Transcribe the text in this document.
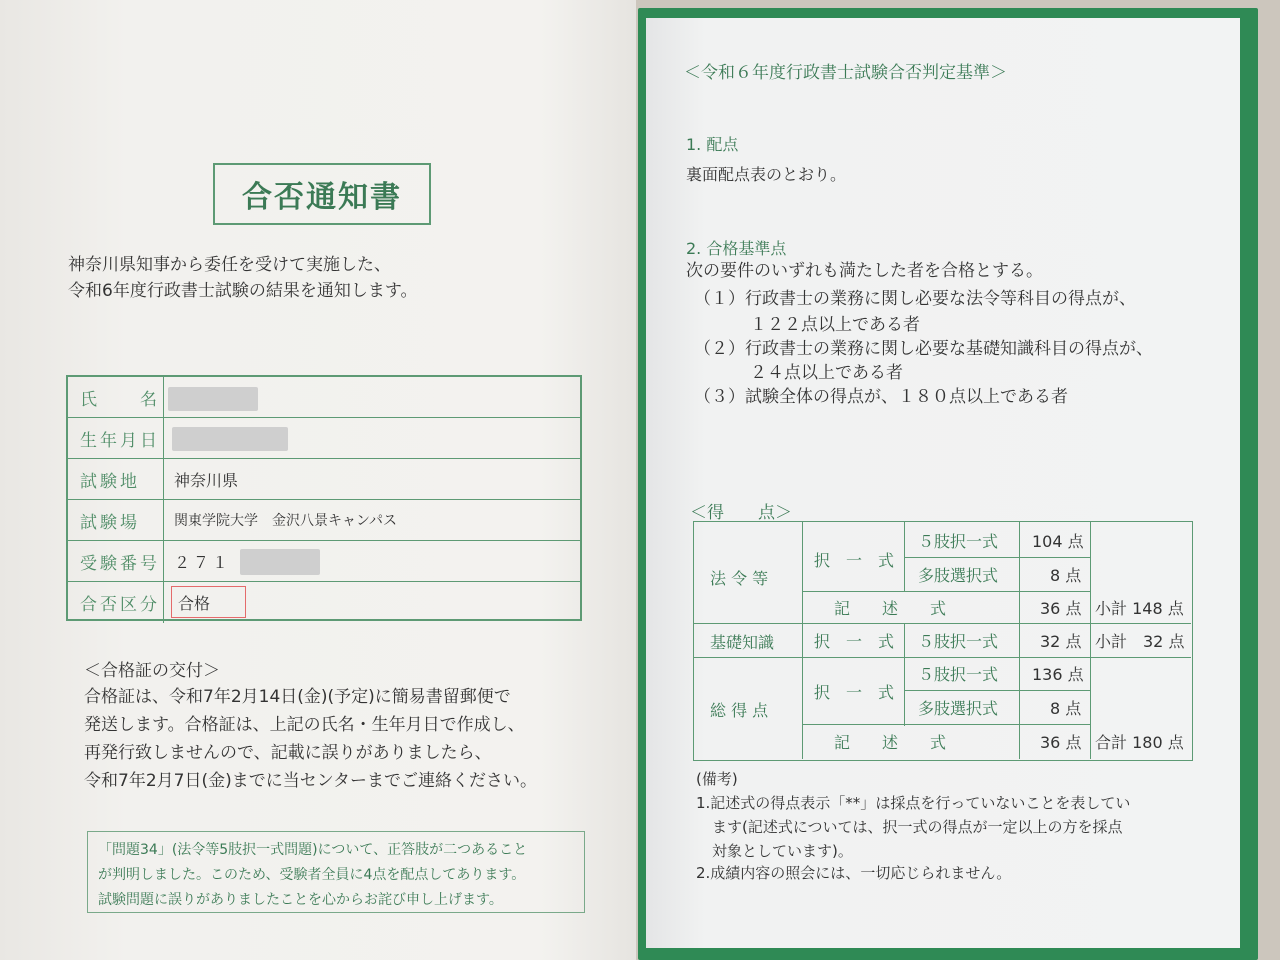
合否通知書
神奈川県知事から委任を受けて実施した、
令和6年度行政書士試験の結果を通知します。
氏　　名
生年月日
試験地	神奈川県
試験場	関東学院大学　金沢八景キャンパス
受験番号 ２７１
合否区分 合格
＜合格証の交付＞
合格証は、令和7年2月14日(金)(予定)に簡易書留郵便で
発送します。合格証は、上記の氏名・生年月日で作成し、
再発行致しませんので、記載に誤りがありましたら、
令和7年2月7日(金)までに当センターまでご連絡ください。
「問題34」(法令等5肢択一式問題)について、正答肢が二つあること
が判明しました。このため、受験者全員に4点を配点してあります。
試験問題に誤りがありましたことを心からお詫び申し上げます。
＜令和６年度行政書士試験合否判定基準＞
1. 配点
裏面配点表のとおり。
2. 合格基準点
次の要件のいずれも満たした者を合格とする。
（１）行政書士の業務に関し必要な法令等科目の得点が、
１２２点以上である者
（２）行政書士の業務に関し必要な基礎知識科目の得点が、
２４点以上である者
（３）試験全体の得点が、１８０点以上である者
＜得　　点＞
法 令 等
基礎知識
総 得 点
択　一　式
記　　述　　式
択　一　式
択　一　式
記　　述　　式
５肢択一式
多肢選択式
５肢択一式
５肢択一式
多肢選択式
104 点
8 点
36 点 小計 148 点
32 点 小計　32 点
136 点
8 点
36 点 合計 180 点
(備考)
1.記述式の得点表示「**」は採点を行っていないことを表してい
ます(記述式については、択一式の得点が一定以上の方を採点
対象としています)。
2.成績内容の照会には、一切応じられません。
